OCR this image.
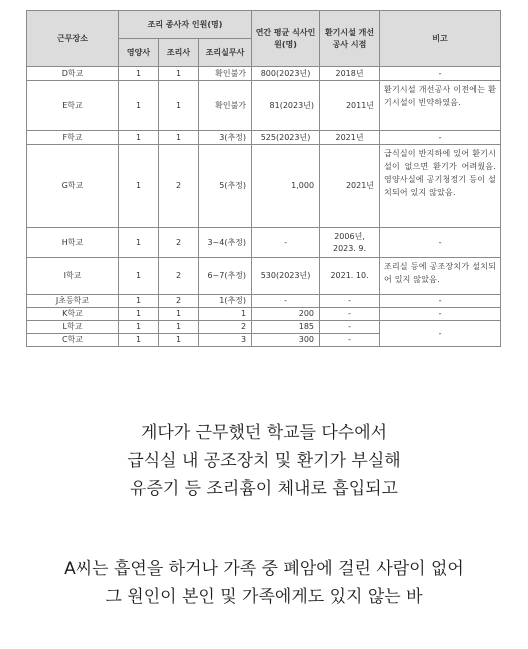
근무장소	조리 종사자 인원(명)			연간 평균 식사인원(명)	환기시설 개선공사 시점	비고
	영양사	조리사	조리실무사			
D학교	1	1	확인불가	800(2023년)	2018년	-
E학교	1	1	확인불가	81(2023년)	2011년	환기시설 개선공사 이전에는 환기시설이 빈약하였음.
F학교	1	1	3(추정)	525(2023년)	2021년	-
G학교	1	2	5(추정)	1,000	2021년	급식실이 반지하에 있어 환기시설이 없으면 환기가 어려웠음. 영양사실에 공기청정기 등이 설치되어 있지 않았음.
H학교	1	2	3~4(추정)	-	2006년, 2023. 9.	-
I학교	1	2	6~7(추정)	530(2023년)	2021. 10.	조리실 등에 공조장치가 설치되어 있지 않았음.
J초등학교	1	2	1(추정)	-	-	-
K학교	1	1	1	200	-	-
L학교	1	1	2	185	-	-
C학교	1	1	3	300	-	
게다가 근무했던 학교들 다수에서
급식실 내 공조장치 및 환기가 부실해
유증기 등 조리흄이 체내로 흡입되고
A씨는 흡연을 하거나 가족 중 폐암에 걸린 사람이 없어
그 원인이 본인 및 가족에게도 있지 않는 바
